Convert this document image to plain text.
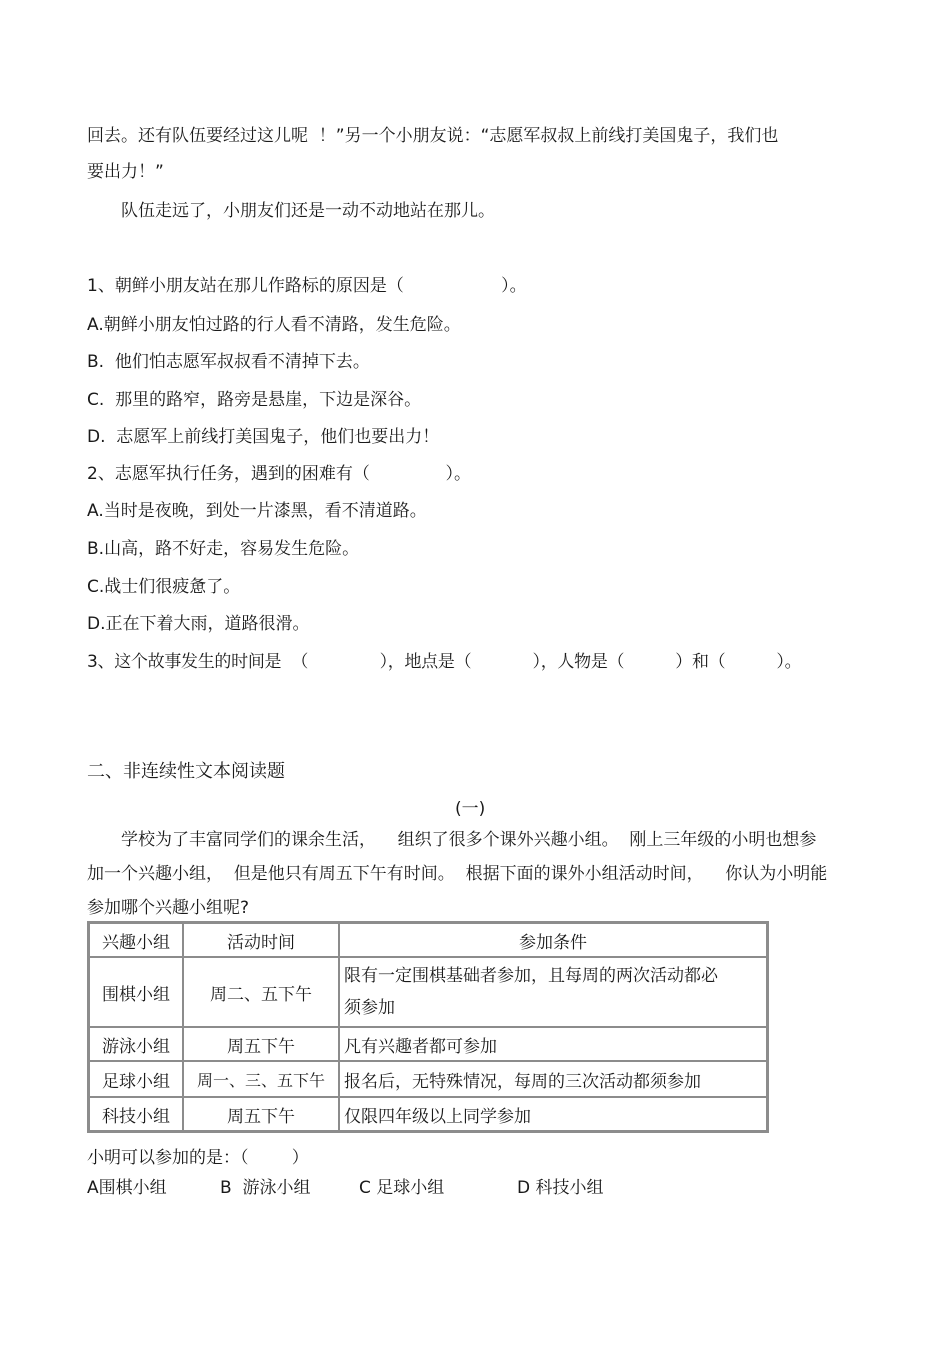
回去。还有队伍要经过这儿呢  ！”另一个小朋友说：“志愿军叔叔上前线打美国鬼子，我们也
要出力！”
队伍走远了，小朋友们还是一动不动地站在那儿。
1、朝鲜小朋友站在那儿作路标的原因是（                  ）。
A.朝鲜小朋友怕过路的行人看不清路，发生危险。
B.  他们怕志愿军叔叔看不清掉下去。
C.  那里的路窄，路旁是悬崖，下边是深谷。
D.  志愿军上前线打美国鬼子，他们也要出力！
2、志愿军执行任务，遇到的困难有（              ）。
A.当时是夜晚，到处一片漆黑，看不清道路。
B.山高，路不好走，容易发生危险。
C.战士们很疲惫了。
D.正在下着大雨，道路很滑。
3、这个故事发生的时间是  （              ），地点是（            ），人物是（          ）和（          ）。
二、非连续性文本阅读题
(一)
学校为了丰富同学们的课余生活，    组织了很多个课外兴趣小组。  刚上三年级的小明也想参
加一个兴趣小组，  但是他只有周五下午有时间。  根据下面的课外小组活动时间，    你认为小明能
参加哪个兴趣小组呢?
兴趣小组	活动时间	参加条件
围棋小组	周二、五下午	限有一定围棋基础者参加，且每周的两次活动都必
须参加

游泳小组	周五下午	凡有兴趣者都可参加
足球小组	周一、三、五下午	报名后，无特殊情况，每周的三次活动都须参加
科技小组	周五下午	仅限四年级以上同学参加
小明可以参加的是：（        ）
A围棋小组	B  游泳小组	C 足球小组	D 科技小组
